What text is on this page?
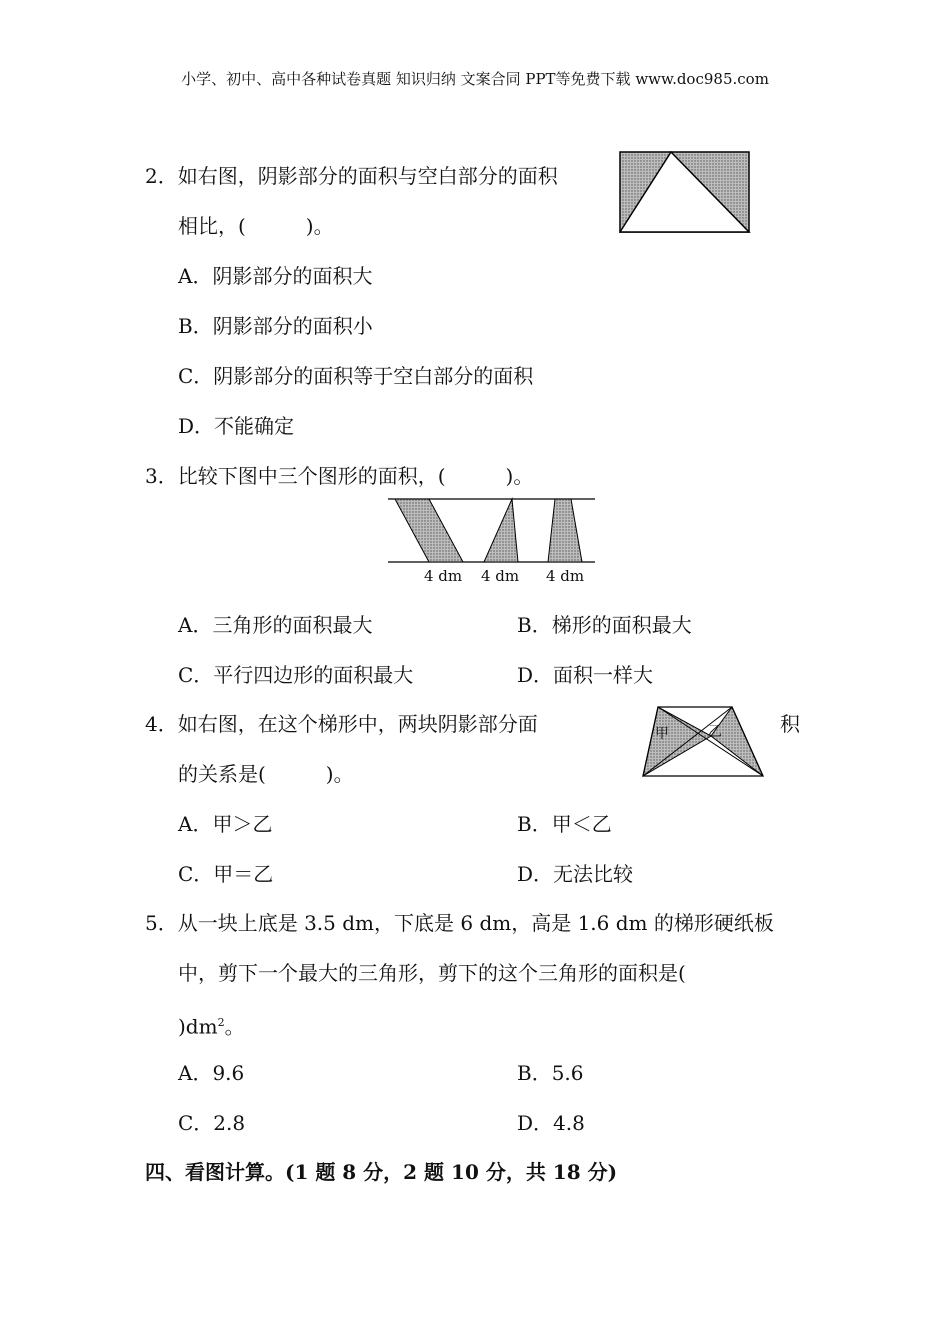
小学、初中、高中各种试卷真题 知识归纳 文案合同 PPT等免费下载 www.doc985.com
2．如右图，阴影部分的面积与空白部分的面积
相比，(　　　)。
A．阴影部分的面积大
B．阴影部分的面积小
C．阴影部分的面积等于空白部分的面积
D．不能确定
3．比较下图中三个图形的面积，(　　　)。
4 dm 4 dm 4 dm
A．三角形的面积最大	B．梯形的面积最大
C．平行四边形的面积最大	D．面积一样大
4．如右图，在这个梯形中，两块阴影部分面	积
的关系是(　　　)。
甲	乙
A．甲＞乙	B．甲＜乙
C．甲＝乙	D．无法比较
5．从一块上底是 3.5 dm，下底是 6 dm，高是 1.6 dm 的梯形硬纸板
中，剪下一个最大的三角形，剪下的这个三角形的面积是(
)$dm^2$。
A．9.6	B．5.6
C．2.8	D．4.8
四、看图计算。(1 题 8 分，2 题 10 分，共 18 分)
